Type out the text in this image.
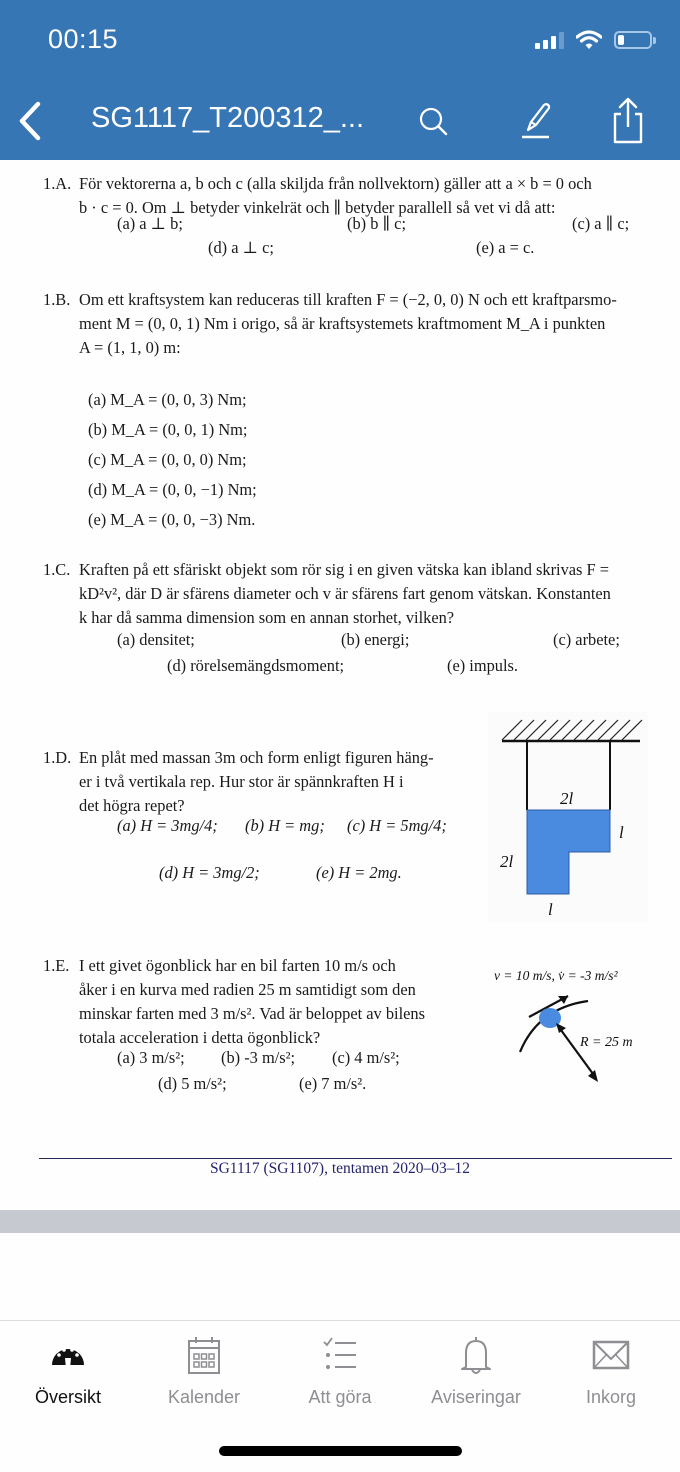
00:15
SG1117_T200312_...
1.A. För vektorerna a, b och c (alla skiljda från nollvektorn) gäller att a × b = 0 och
b · c = 0. Om ⊥ betyder vinkelrät och ∥ betyder parallell så vet vi då att:
(a) a ⊥ b;	(b) b ∥ c;	(c) a ∥ c;
(d) a ⊥ c;	(e) a = c.
1.B. Om ett kraftsystem kan reduceras till kraften F = (−2, 0, 0) N och ett kraftparsmo-
ment M = (0, 0, 1) Nm i origo, så är kraftsystemets kraftmoment M_A i punkten
A = (1, 1, 0) m:
(a) M_A = (0, 0, 3) Nm;
(b) M_A = (0, 0, 1) Nm;
(c) M_A = (0, 0, 0) Nm;
(d) M_A = (0, 0, −1) Nm;
(e) M_A = (0, 0, −3) Nm.
1.C. Kraften på ett sfäriskt objekt som rör sig i en given vätska kan ibland skrivas F =
kD²v², där D är sfärens diameter och v är sfärens fart genom vätskan. Konstanten
k har då samma dimension som en annan storhet, vilken?
(a) densitet;	(b) energi;	(c) arbete;
(d) rörelsemängdsmoment;	(e) impuls.
1.D. En plåt med massan 3m och form enligt figuren häng-
er i två vertikala rep. Hur stor är spännkraften H i
det högra repet?
(a) H = 3mg/4; (b) H = mg; (c) H = 5mg/4;
(d) H = 3mg/2;	(e) H = 2mg.
2l
l
2l
l
1.E. I ett givet ögonblick har en bil farten 10 m/s och
åker i en kurva med radien 25 m samtidigt som den
minskar farten med 3 m/s². Vad är beloppet av bilens
totala acceleration i detta ögonblick?
(a) 3 m/s²; (b) -3 m/s²; (c) 4 m/s²;
(d) 5 m/s²;	(e) 7 m/s².
v = 10 m/s, v̇ = -3 m/s²
R = 25 m
SG1117 (SG1107), tentamen 2020–03–12
Översikt	Kalender	Att göra	Aviseringar	Inkorg
